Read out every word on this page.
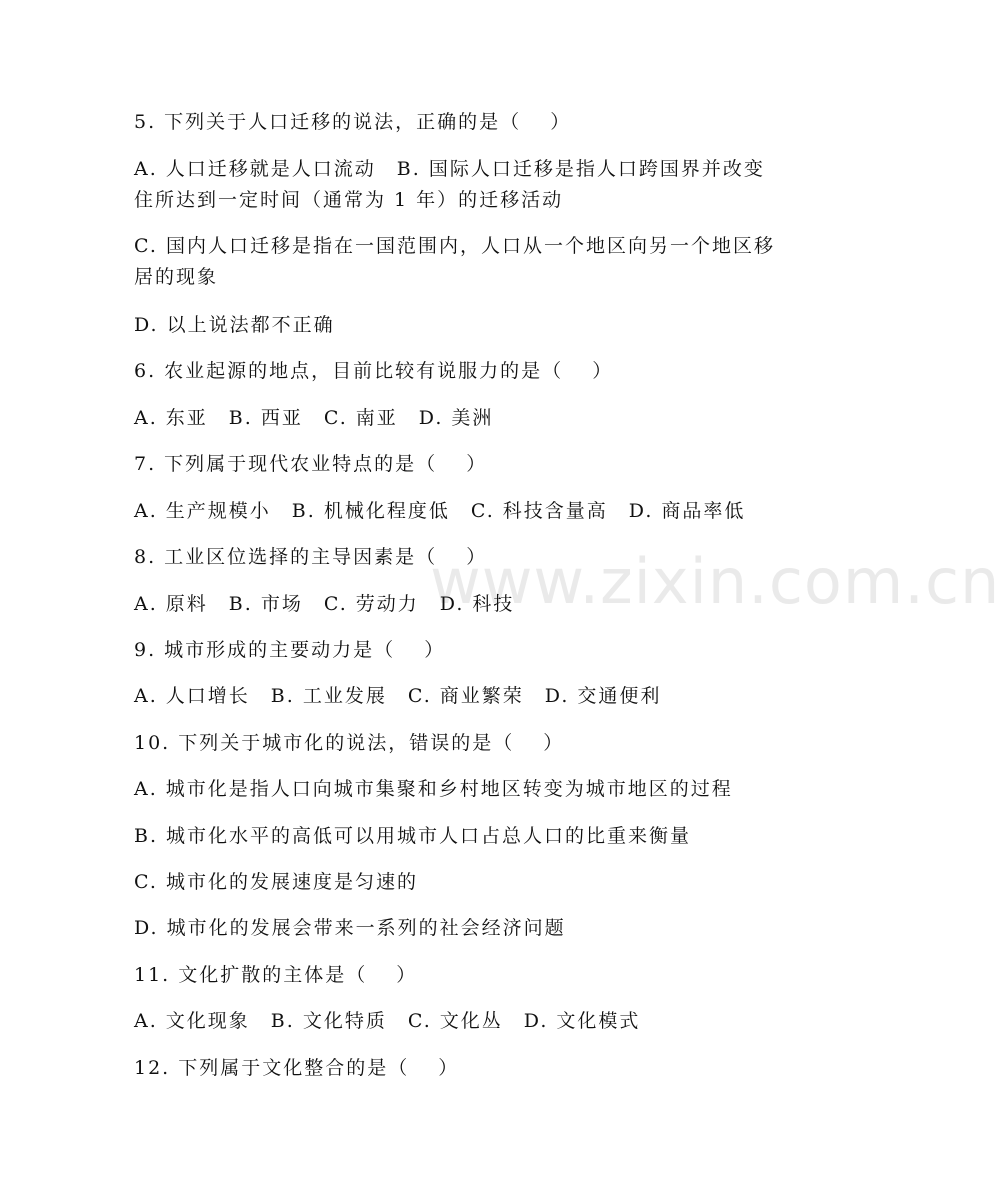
www.zixin.com.cn
5. 下列关于人口迁移的说法，正确的是（　 ）
A. 人口迁移就是人口流动　B. 国际人口迁移是指人口跨国界并改变
住所达到一定时间（通常为 1 年）的迁移活动
C. 国内人口迁移是指在一国范围内，人口从一个地区向另一个地区移
居的现象
D. 以上说法都不正确
6. 农业起源的地点，目前比较有说服力的是（　 ）
A. 东亚　B. 西亚　C. 南亚　D. 美洲
7. 下列属于现代农业特点的是（　 ）
A. 生产规模小　B. 机械化程度低　C. 科技含量高　D. 商品率低
8. 工业区位选择的主导因素是（　 ）
A. 原料　B. 市场　C. 劳动力　D. 科技
9. 城市形成的主要动力是（　 ）
A. 人口增长　B. 工业发展　C. 商业繁荣　D. 交通便利
10. 下列关于城市化的说法，错误的是（　 ）
A. 城市化是指人口向城市集聚和乡村地区转变为城市地区的过程
B. 城市化水平的高低可以用城市人口占总人口的比重来衡量
C. 城市化的发展速度是匀速的
D. 城市化的发展会带来一系列的社会经济问题
11. 文化扩散的主体是（　 ）
A. 文化现象　B. 文化特质　C. 文化丛　D. 文化模式
12. 下列属于文化整合的是（　 ）
